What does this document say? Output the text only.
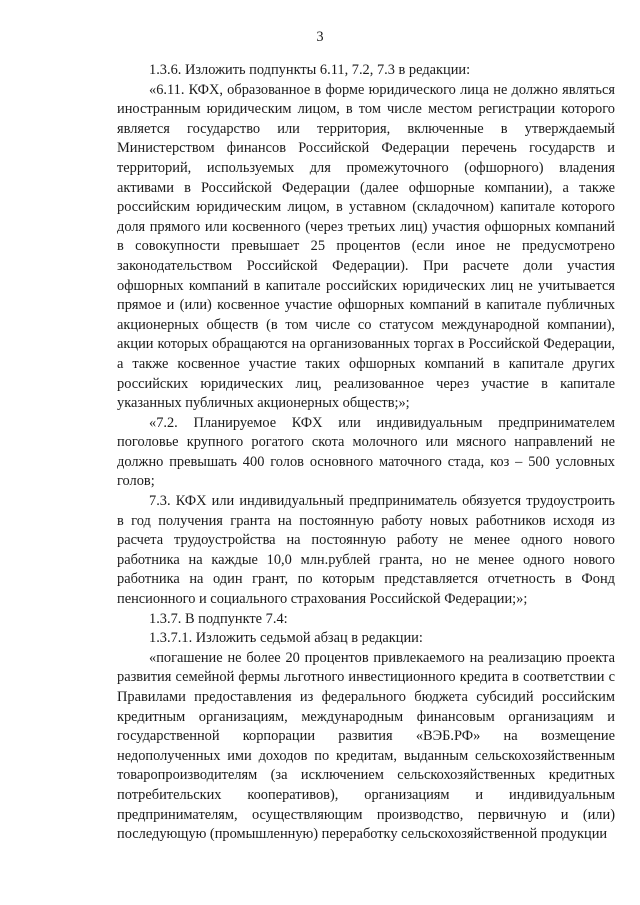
3

1.3.6. Изложить подпункты 6.11, 7.2, 7.3 в редакции:

«6.11. КФХ, образованное в форме юридического лица не должно являться иностранным юридическим лицом, в том числе местом регистрации которого является государство или территория, включенные в утверждаемый Министерством финансов Российской Федерации перечень государств и территорий, используемых для промежуточного (офшорного) владения активами в Российской Федерации (далее офшорные компании), а также российским юридическим лицом, в уставном (складочном) капитале которого доля прямого или косвенного (через третьих лиц) участия офшорных компаний в совокупности превышает 25 процентов (если иное не предусмотрено законодательством Российской Федерации). При расчете доли участия офшорных компаний в капитале российских юридических лиц не учитывается прямое и (или) косвенное участие офшорных компаний в капитале публичных акционерных обществ (в том числе со статусом международной компании), акции которых обращаются на организованных торгах в Российской Федерации, а также косвенное участие таких офшорных компаний в капитале других российских юридических лиц, реализованное через участие в капитале указанных публичных акционерных обществ;»;

«7.2. Планируемое КФХ или индивидуальным предпринимателем поголовье крупного рогатого скота молочного или мясного направлений не должно превышать 400 голов основного маточного стада, коз – 500 условных голов;

7.3. КФХ или индивидуальный предприниматель обязуется трудоустроить в год получения гранта на постоянную работу новых работников исходя из расчета трудоустройства на постоянную работу не менее одного нового работника на каждые 10,0 млн.рублей гранта, но не менее одного нового работника на один грант, по которым представляется отчетность в Фонд пенсионного и социального страхования Российской Федерации;»;

1.3.7. В подпункте 7.4:

1.3.7.1. Изложить седьмой абзац в редакции:

«погашение не более 20 процентов привлекаемого на реализацию проекта развития семейной фермы льготного инвестиционного кредита в соответствии с Правилами предоставления из федерального бюджета субсидий российским кредитным организациям, международным финансовым организациям и государственной корпорации развития «ВЭБ.РФ» на возмещение недополученных ими доходов по кредитам, выданным сельскохозяйственным товаропроизводителям (за исключением сельскохозяйственных кредитных потребительских кооперативов), организациям и индивидуальным предпринимателям, осуществляющим производство, первичную и (или) последующую (промышленную) переработку сельскохозяйственной продукции
